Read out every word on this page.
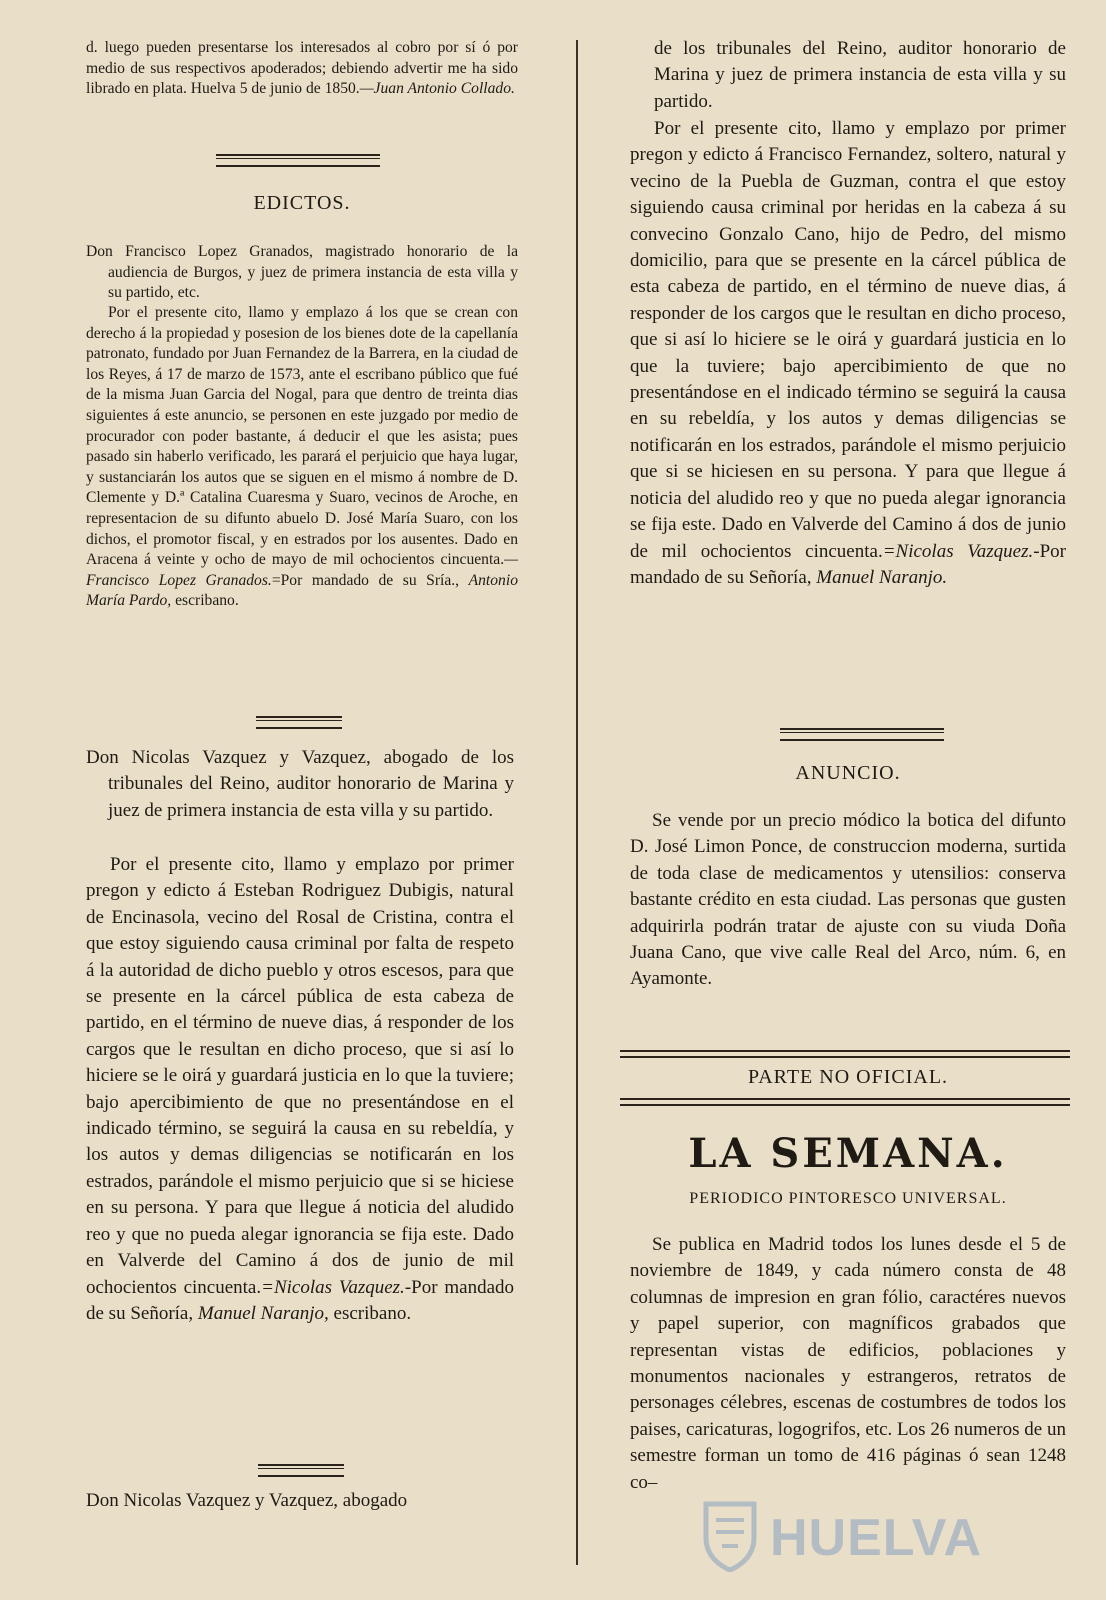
d. luego pueden presentarse los interesados al cobro por sí ó por medio de sus respectivos apoderados; debiendo advertir me ha sido librado en plata. Huelva 5 de junio de 1850.—Juan Antonio Collado.
EDICTOS.
Don Francisco Lopez Granados, magistrado honorario de la audiencia de Burgos, y juez de primera instancia de esta villa y su partido, etc.
Por el presente cito, llamo y emplazo á los que se crean con derecho á la propiedad y posesion de los bienes dote de la capellanía patronato, fundado por Juan Fernandez de la Barrera, en la ciudad de los Reyes, á 17 de marzo de 1573, ante el escribano público que fué de la misma Juan Garcia del Nogal, para que dentro de treinta dias siguientes á este anuncio, se personen en este juzgado por medio de procurador con poder bastante, á deducir el que les asista; pues pasado sin haberlo verificado, les parará el perjuicio que haya lugar, y sustanciarán los autos que se siguen en el mismo á nombre de D. Clemente y D.ª Catalina Cuaresma y Suaro, vecinos de Aroche, en representacion de su difunto abuelo D. José María Suaro, con los dichos, el promotor fiscal, y en estrados por los ausentes. Dado en Aracena á veinte y ocho de mayo de mil ochocientos cincuenta.—Francisco Lopez Granados.=Por mandado de su Sría., Antonio María Pardo, escribano.
Don Nicolas Vazquez y Vazquez, abogado de los tribunales del Reino, auditor honorario de Marina y juez de primera instancia de esta villa y su partido.
Por el presente cito, llamo y emplazo por primer pregon y edicto á Esteban Rodriguez Dubigis, natural de Encinasola, vecino del Rosal de Cristina, contra el que estoy siguiendo causa criminal por falta de respeto á la autoridad de dicho pueblo y otros escesos, para que se presente en la cárcel pública de esta cabeza de partido, en el término de nueve dias, á responder de los cargos que le resultan en dicho proceso, que si así lo hiciere se le oirá y guardará justicia en lo que la tuviere; bajo apercibimiento de que no presentándose en el indicado término, se seguirá la causa en su rebeldía, y los autos y demas diligencias se notificarán en los estrados, parándole el mismo perjuicio que si se hiciese en su persona. Y para que llegue á noticia del aludido reo y que no pueda alegar ignorancia se fija este. Dado en Valverde del Camino á dos de junio de mil ochocientos cincuenta.=Nicolas Vazquez.-Por mandado de su Señoría, Manuel Naranjo, escribano.
Don Nicolas Vazquez y Vazquez, abogado
de los tribunales del Reino, auditor honorario de Marina y juez de primera instancia de esta villa y su partido.
Por el presente cito, llamo y emplazo por primer pregon y edicto á Francisco Fernandez, soltero, natural y vecino de la Puebla de Guzman, contra el que estoy siguiendo causa criminal por heridas en la cabeza á su convecino Gonzalo Cano, hijo de Pedro, del mismo domicilio, para que se presente en la cárcel pública de esta cabeza de partido, en el término de nueve dias, á responder de los cargos que le resultan en dicho proceso, que si así lo hiciere se le oirá y guardará justicia en lo que la tuviere; bajo apercibimiento de que no presentándose en el indicado término se seguirá la causa en su rebeldía, y los autos y demas diligencias se notificarán en los estrados, parándole el mismo perjuicio que si se hiciesen en su persona. Y para que llegue á noticia del aludido reo y que no pueda alegar ignorancia se fija este. Dado en Valverde del Camino á dos de junio de mil ochocientos cincuenta.=Nicolas Vazquez.-Por mandado de su Señoría, Manuel Naranjo.
ANUNCIO.
Se vende por un precio módico la botica del difunto D. José Limon Ponce, de construccion moderna, surtida de toda clase de medicamentos y utensilios: conserva bastante crédito en esta ciudad. Las personas que gusten adquirirla podrán tratar de ajuste con su viuda Doña Juana Cano, que vive calle Real del Arco, núm. 6, en Ayamonte.
PARTE NO OFICIAL.
LA SEMANA.
PERIODICO PINTORESCO UNIVERSAL.
Se publica en Madrid todos los lunes desde el 5 de noviembre de 1849, y cada número consta de 48 columnas de impresion en gran fólio, caractéres nuevos y papel superior, con magníficos grabados que representan vistas de edificios, poblaciones y monumentos nacionales y estrangeros, retratos de personages célebres, escenas de costumbres de todos los paises, caricaturas, logogrifos, etc. Los 26 numeros de un semestre forman un tomo de 416 páginas ó sean 1248 co–
HUELVA
